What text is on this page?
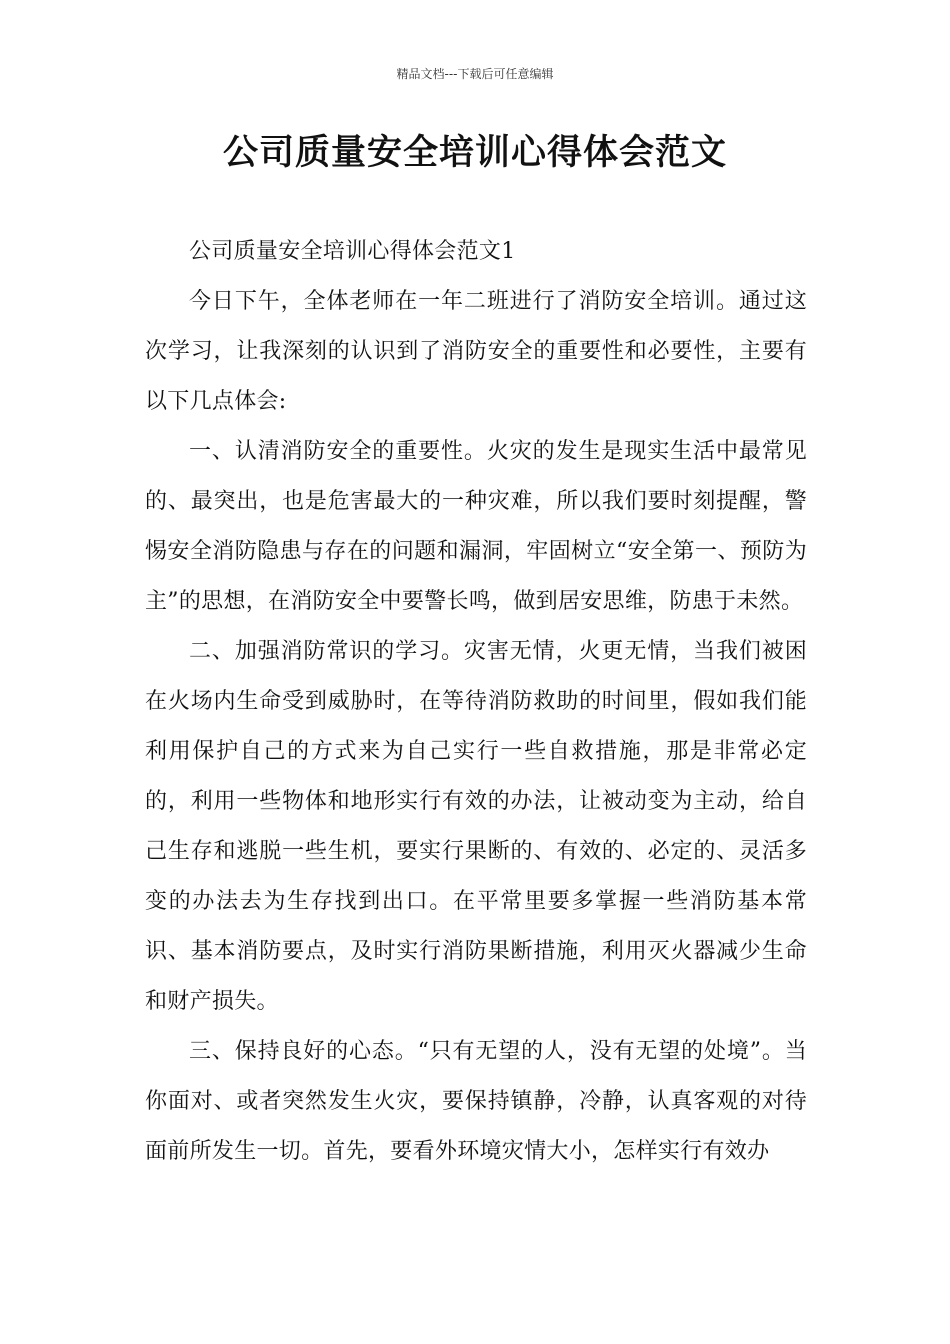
精品文档---下载后可任意编辑
公司质量安全培训心得体会范文

公司质量安全培训心得体会范文1

今日下午，全体老师在一年二班进行了消防安全培训。通过这次学习，让我深刻的认识到了消防安全的重要性和必要性，主要有以下几点体会:

一、认清消防安全的重要性。火灾的发生是现实生活中最常见的、最突出，也是危害最大的一种灾难，所以我们要时刻提醒，警惕安全消防隐患与存在的问题和漏洞，牢固树立“安全第一、预防为主”的思想，在消防安全中要警长鸣，做到居安思维，防患于未然。

二、加强消防常识的学习。灾害无情，火更无情，当我们被困在火场内生命受到威胁时，在等待消防救助的时间里，假如我们能利用保护自己的方式来为自己实行一些自救措施，那是非常必定的，利用一些物体和地形实行有效的办法，让被动变为主动，给自己生存和逃脱一些生机，要实行果断的、有效的、必定的、灵活多变的办法去为生存找到出口。在平常里要多掌握一些消防基本常识、基本消防要点，及时实行消防果断措施，利用灭火器减少生命和财产损失。

三、保持良好的心态。“只有无望的人，没有无望的处境”。当你面对、或者突然发生火灾，要保持镇静，冷静，认真客观的对待面前所发生一切。首先，要看外环境灾情大小，怎样实行有效办
